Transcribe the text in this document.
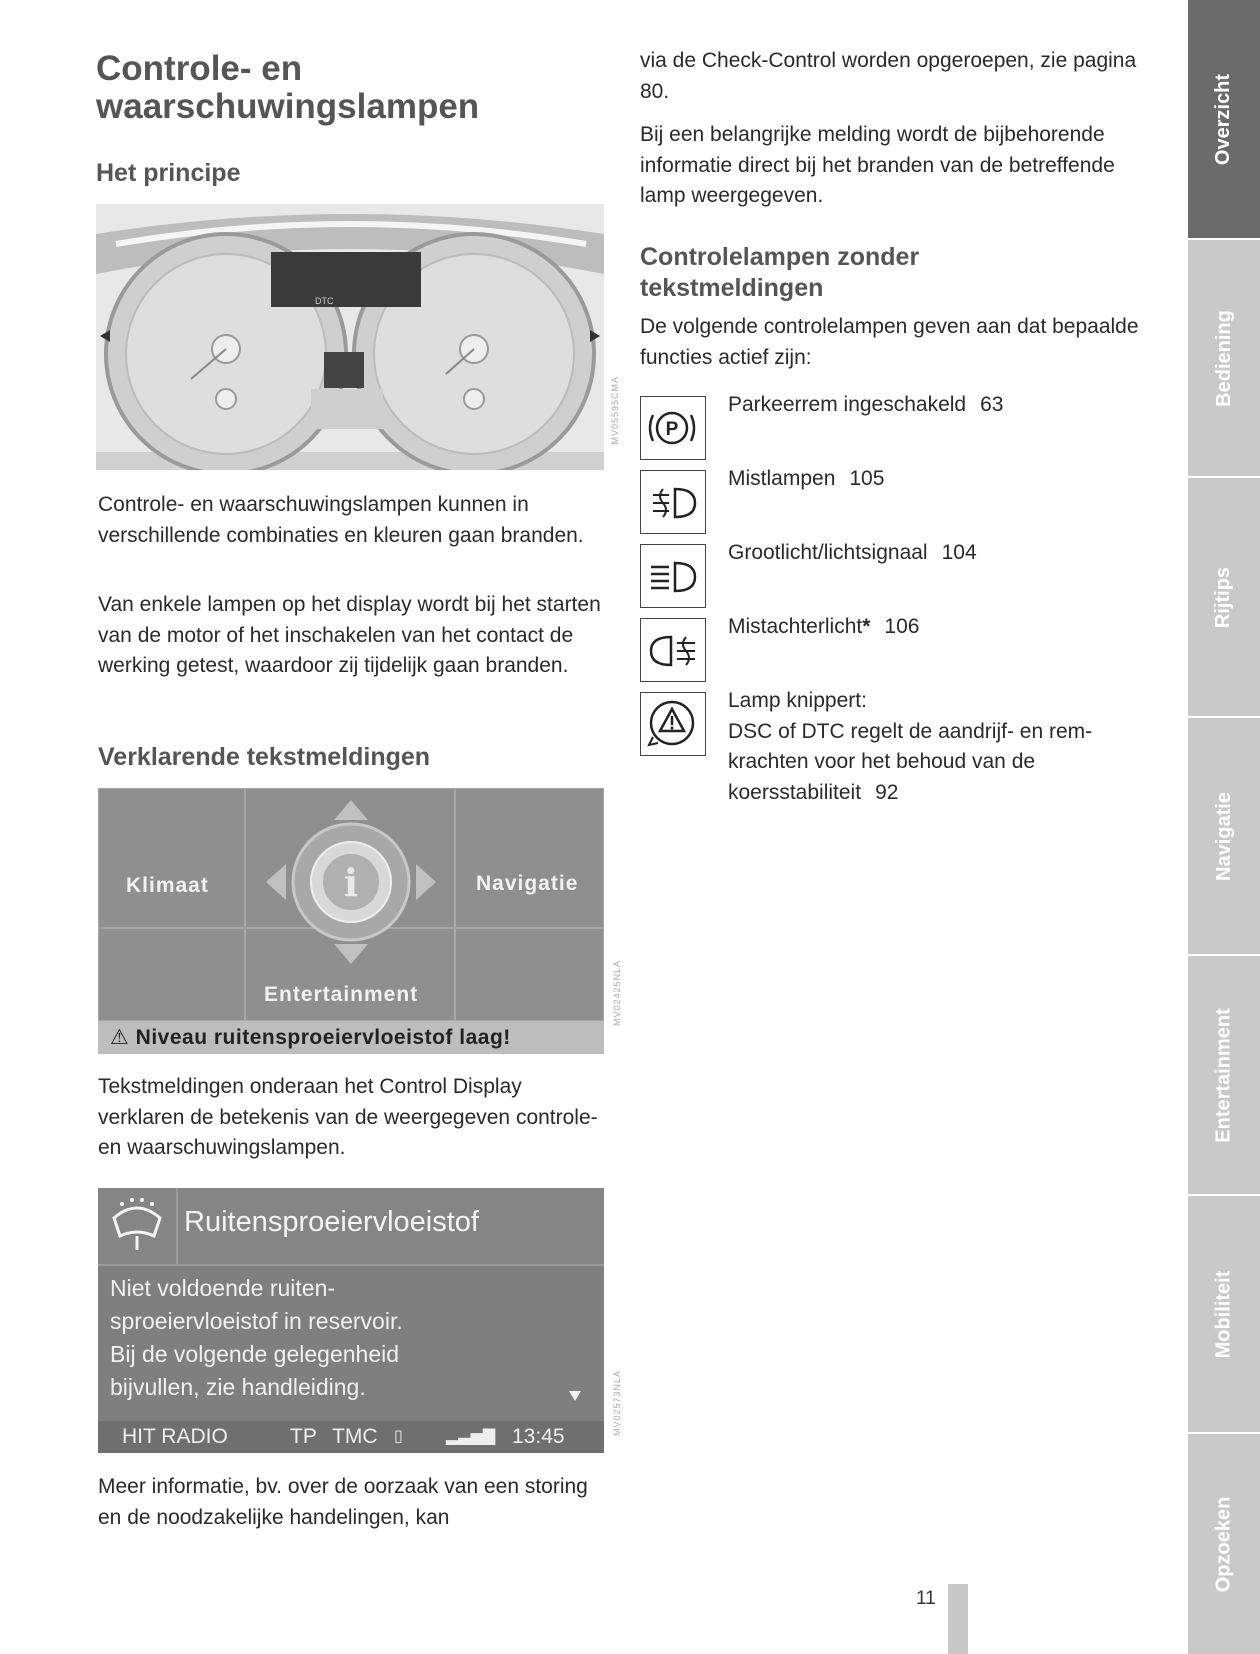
Controle- en
waarschuwingslampen
Het principe
DTC
MV05595CMA

Controle- en waarschuwingslampen kunnen in verschillende combinaties en kleuren gaan branden.

Van enkele lampen op het display wordt bij het starten van de motor of het inschakelen van het contact de werking getest, waardoor zij tijdelijk gaan branden.

Verklarende tekstmeldingen
i
Klimaat	Navigatie
Entertainment
⚠ Niveau ruitensproeiervloeistof laag!
MV02425NLA

Tekstmeldingen onderaan het Control Display verklaren de betekenis van de weergegeven controle- en waarschuwingslampen.

Ruitensproeiervloeistof
Niet voldoende ruiten-
sproeiervloeistof in reservoir.
Bij de volgende gelegenheid
bijvullen, zie handleiding.
HIT RADIO	TP TMC ▯	▂▃▅▇ 13:45
MV02573NLA

Meer informatie, bv. over de oorzaak van een storing en de noodzakelijke handelingen, kan

via de Check-Control worden opgeroepen, zie pagina 80.

Bij een belangrijke melding wordt de bijbehorende informatie direct bij het branden van de betreffende lamp weergegeven.

Controlelampen zonder
tekstmeldingen

De volgende controlelampen geven aan dat bepaalde functies actief zijn:

P
Parkeerrem ingeschakeld 63
Mistlampen 105
Grootlicht/lichtsignaal 104
Mistachterlicht* 106
Lamp knippert:
DSC of DTC regelt de aandrijf- en remkrachten voor het behoud van de koersstabiliteit 92
Overzicht
Bediening
Rijtips
Navigatie
Entertainment
Mobiliteit
Opzoeken
11
